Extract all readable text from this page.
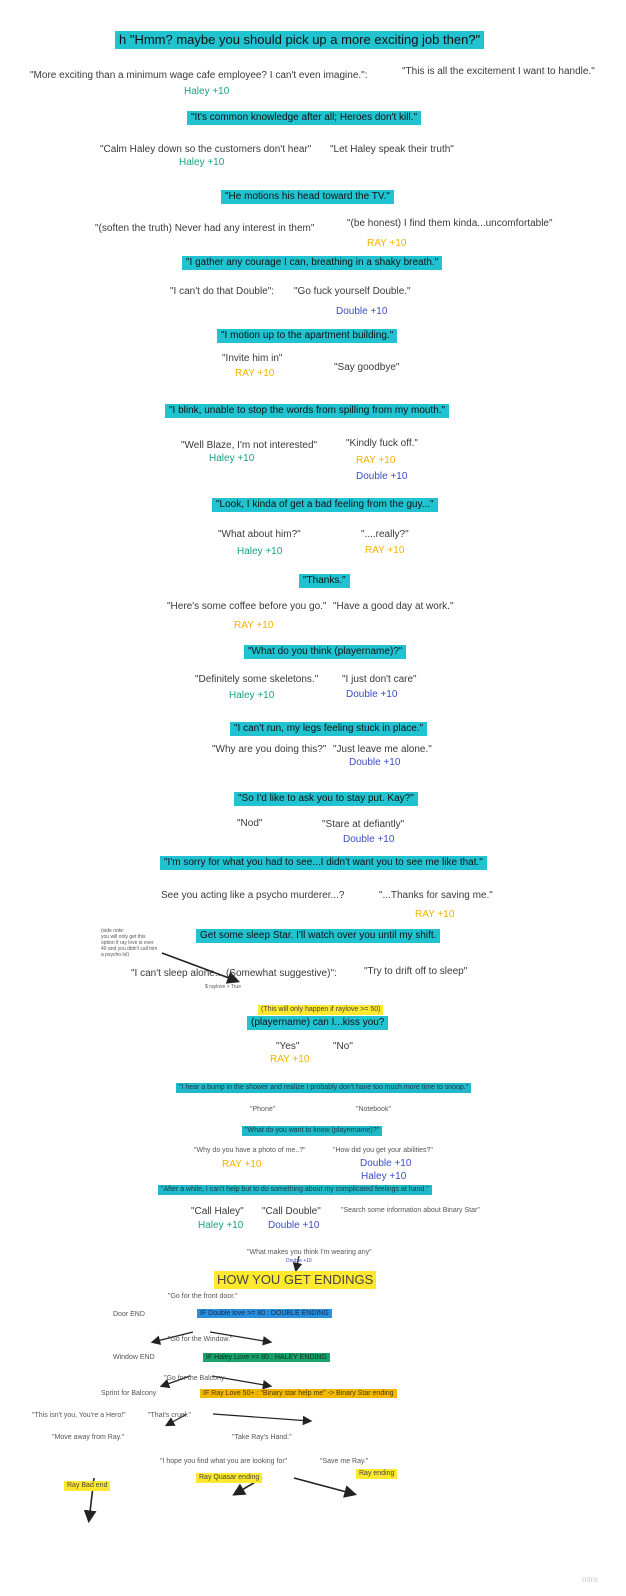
h "Hmm? maybe you should pick up a more exciting job then?"
"More exciting than a minimum wage cafe employee? I can't even imagine.":	"This is all the excitement I want to handle."
Haley +10
"It's common knowledge after all; Heroes don't kill."
"Calm Haley down so the customers don't hear" "Let Haley speak their truth"
Haley +10
"He motions his head toward the TV."
"(soften the truth) Never had any interest in them"	"(be honest) I find them kinda...uncomfortable"
RAY +10
"I gather any courage I can, breathing in a shaky breath."
"I can't do that Double": "Go fuck yourself Double."
Double +10
"I motion up to the apartment building."
"Invite him in"
RAY +10
"Say goodbye"
"I blink, unable to stop the words from spilling from my mouth."
"Well Blaze, I'm not interested"
Haley +10
"Kindly fuck off."
RAY +10
Double +10
"Look, I kinda of get a bad feeling from the guy..."
"What about him?"
Haley +10
"....really?"
RAY +10
"Thanks."
"Here's some coffee before you go."
RAY +10
"Have a good day at work."
"What do you think (playername)?"
"Definitely some skeletons."
Haley +10
"I just don't care"
Double +10
"I can't run, my legs feeling stuck in place."
"Why are you doing this?" "Just leave me alone."
Double +10
"So I'd like to ask you to stay put. Kay?"
"Nod"	"Stare at defiantly"
Double +10
"I'm sorry for what you had to see...I didn't want you to see me like that."
See you acting like a psycho murderer...?	"...Thanks for saving me."
RAY +10
Get some sleep Star. I'll watch over you until my shift.
(side note:
you will only get this
option if ray love is over
40 and you didn't call him
a psycho lol)
"I can't sleep alone... (Somewhat suggestive)":
$ raylove > True
"Try to drift off to sleep"
(This will only happen if raylove >= 50)
(playername) can I...kiss you?
"Yes"
RAY +10
"No"
"I hear a bump in the shower and realize I probably don't have too much more time to snoop."
"Phone"	"Notebook"
"What do you want to know (playername)?"
"Why do you have a photo of me..?"
RAY +10
"How did you get your abilities?"
Double +10
Haley +10
"After a while, I can't help but to do something about my complicated feelings at hand."
"Call Haley"
Haley +10
"Call Double"
Double +10
"Search some information about Binary Star"
"What makes you think I'm wearing any"
Double +10
HOW YOU GET ENDINGS
"Go for the front door."
Door END	IF Double love >= 80 : DOUBLE ENDING
"Go for the Window."
Window END	IF Haley Love >= 80 : HALEY ENDING
"Go for the Balcony
Sprint for Balcony	IF Ray Love 50+ : "Binary star help me" -> Binary Star ending
"This isn't you, You're a Hero!"	"That's cruel."
"Move away from Ray."	"Take Ray's Hand."
"I hope you find what you are looking for"	"Save me Ray."
Ray Bad end
Ray Quasar ending
Ray ending
miro
